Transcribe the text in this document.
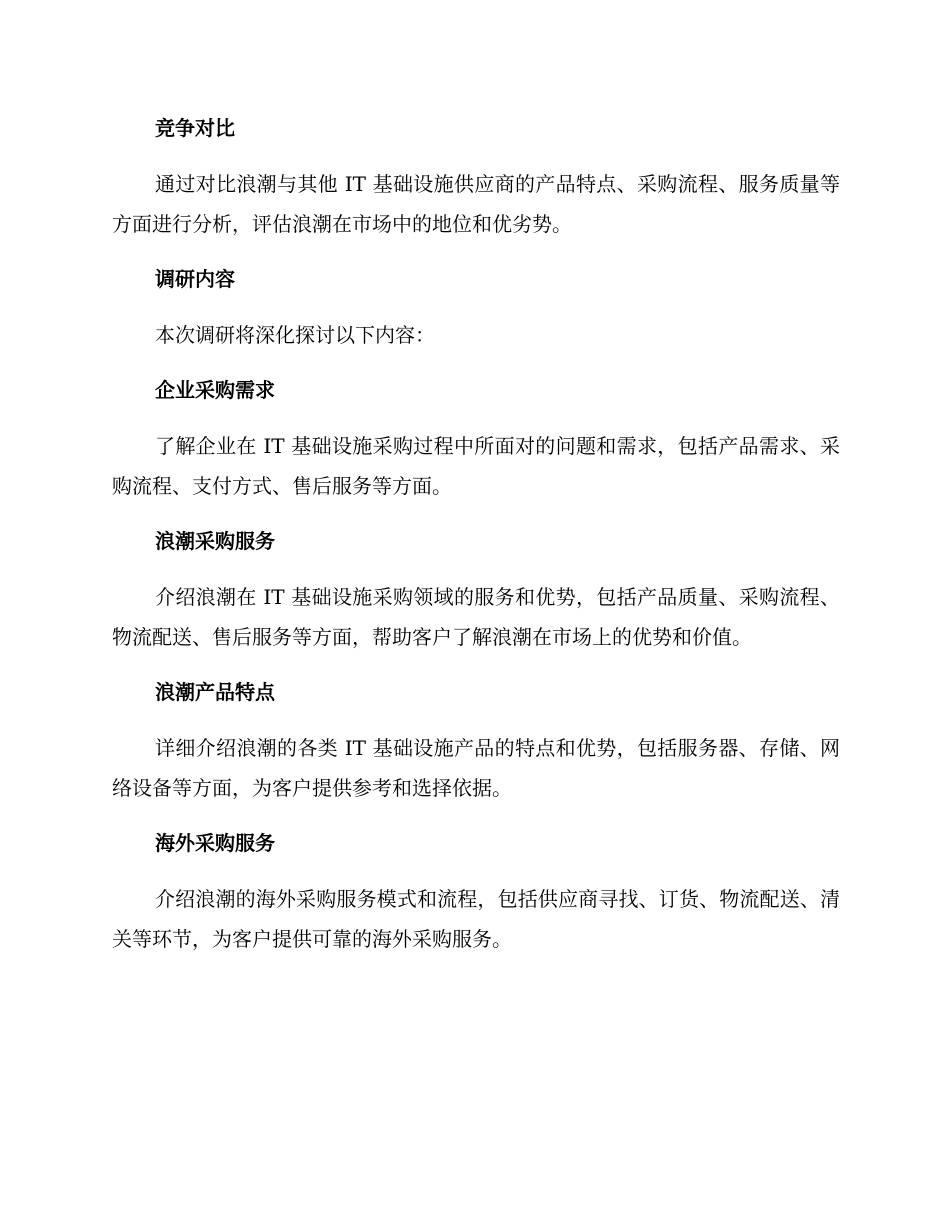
竞争对比

通过对比浪潮与其他 IT 基础设施供应商的产品特点、采购流程、服务质量等方面进行分析，评估浪潮在市场中的地位和优劣势。

调研内容

本次调研将深化探讨以下内容：

企业采购需求

了解企业在 IT 基础设施采购过程中所面对的问题和需求，包括产品需求、采购流程、支付方式、售后服务等方面。

浪潮采购服务

介绍浪潮在 IT 基础设施采购领域的服务和优势，包括产品质量、采购流程、物流配送、售后服务等方面，帮助客户了解浪潮在市场上的优势和价值。

浪潮产品特点

详细介绍浪潮的各类 IT 基础设施产品的特点和优势，包括服务器、存储、网络设备等方面，为客户提供参考和选择依据。

海外采购服务

介绍浪潮的海外采购服务模式和流程，包括供应商寻找、订货、物流配送、清关等环节，为客户提供可靠的海外采购服务。
